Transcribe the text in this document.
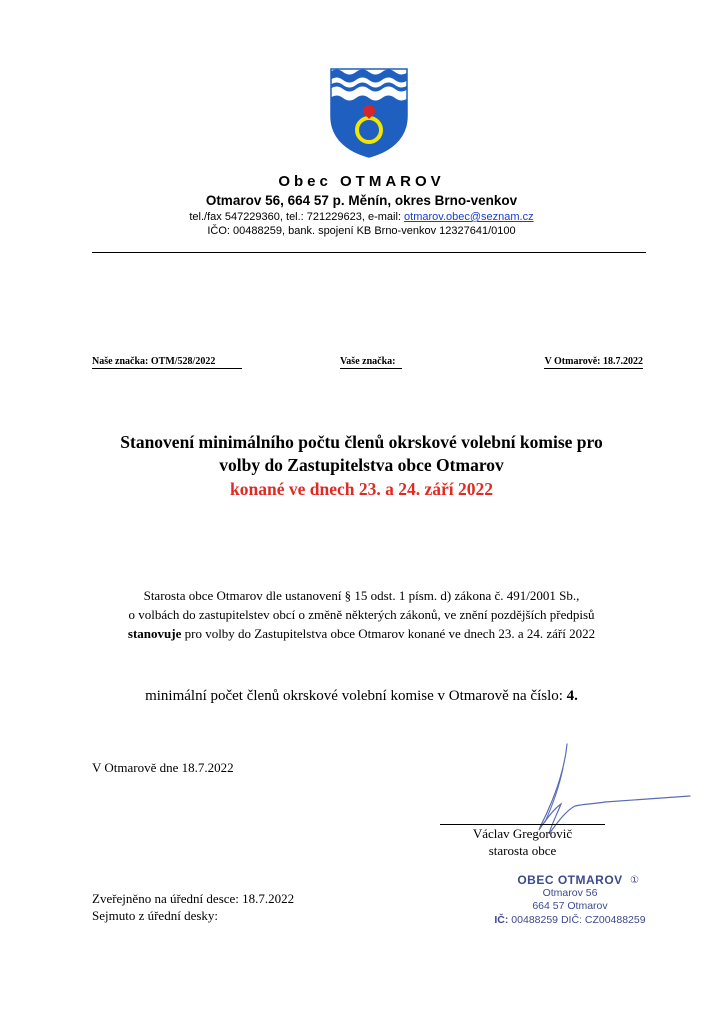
Obec OTMAROV
Otmarov 56, 664 57 p. Měnín, okres Brno-venkov
tel./fax 547229360, tel.: 721229623, e-mail: otmarov.obec@seznam.cz
IČO: 00488259, bank. spojení KB Brno-venkov 12327641/0100
Naše značka: OTM/528/2022	Vaše značka:	V Otmarově: 18.7.2022
Stanovení minimálního počtu členů okrskové volební komise pro
volby do Zastupitelstva obce Otmarov
konané ve dnech 23. a 24. září 2022
Starosta obce Otmarov dle ustanovení § 15 odst. 1 písm. d) zákona č. 491/2001 Sb.,
o volbách do zastupitelstev obcí o změně některých zákonů, ve znění pozdějších předpisů
stanovuje pro volby do Zastupitelstva obce Otmarov konané ve dnech 23. a 24. září 2022
minimální počet členů okrskové volební komise v Otmarově na číslo: 4.
V Otmarově dne 18.7.2022
Václav Gregorovič
starosta obce
Zveřejněno na úřední desce: 18.7.2022
Sejmuto z úřední desky:
OBEC OTMAROV ①
Otmarov 56
664 57 Otmarov
IČ: 00488259 DIČ: CZ00488259
